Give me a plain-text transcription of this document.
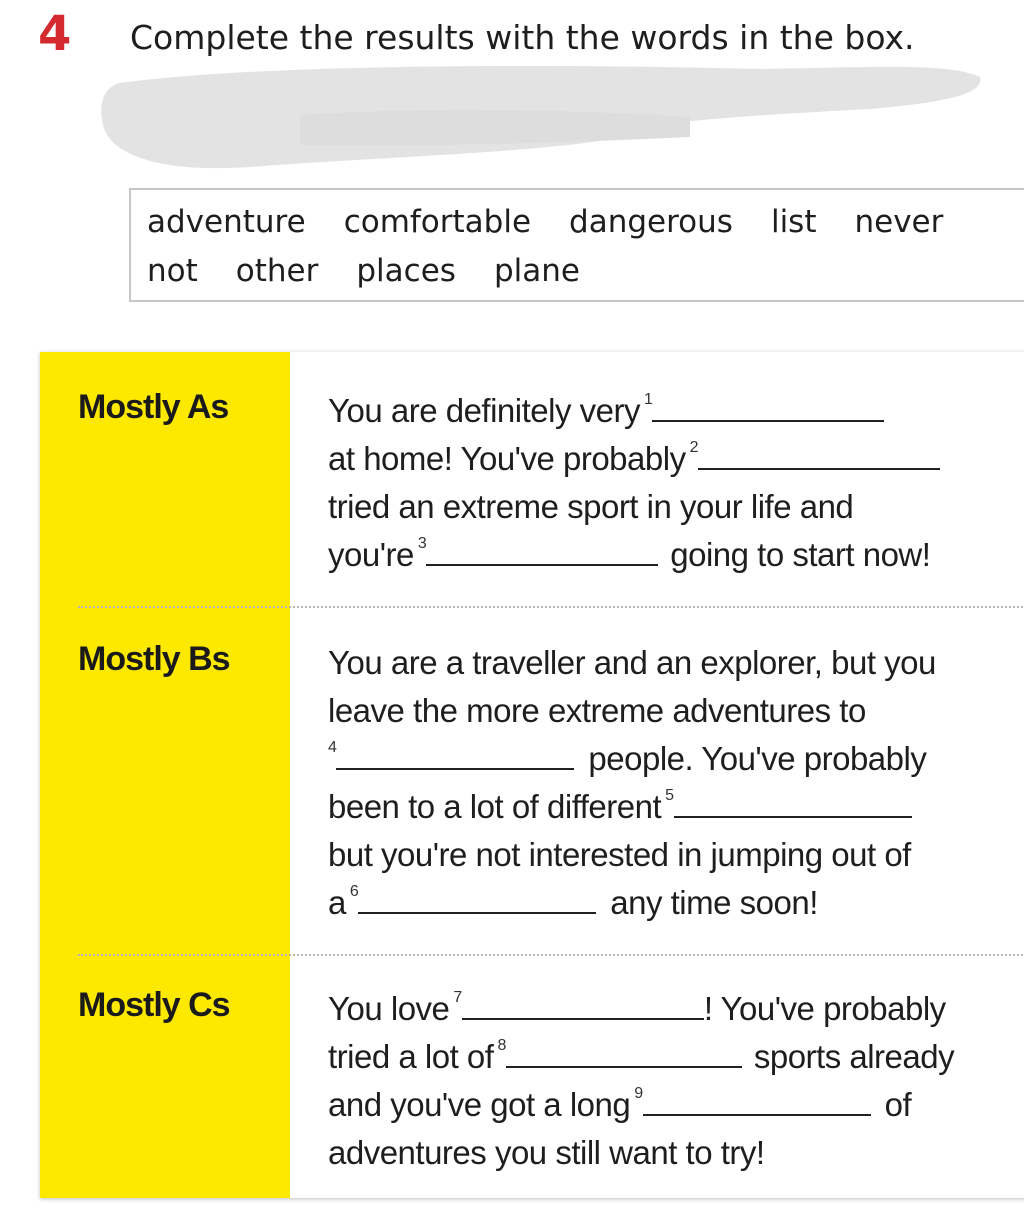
4 Complete the results with the words in the box.
adventure comfortable dangerous list never
not other places plane
Mostly As	You are definitely very $^1$
at home! You've probably $^2$
tried an extreme sport in your life and
you're $^3$	going to start now!
Mostly Bs	You are a traveller and an explorer, but you
leave the more extreme adventures to
$^4$	people. You've probably
been to a lot of different $^5$
but you're not interested in jumping out of
a $^6$	any time soon!
Mostly Cs	You love $^7$	! You've probably
tried a lot of $^8$	sports already
and you've got a long $^9$	of
adventures you still want to try!
